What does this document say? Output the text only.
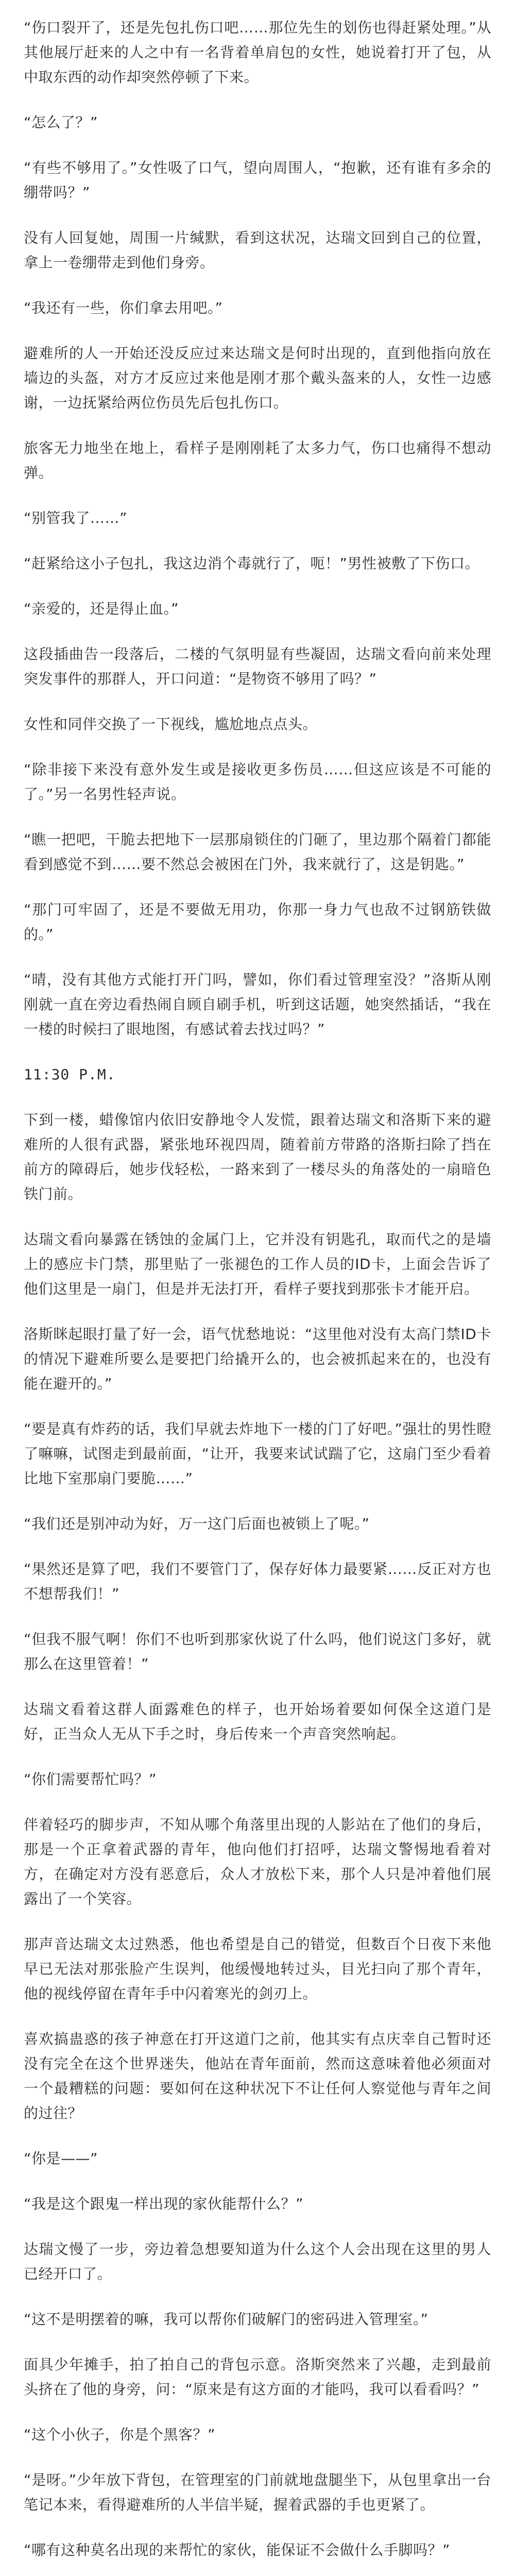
“伤口裂开了，还是先包扎伤口吧……那位先生的划伤也得赶紧处理。”从其他展厅赶来的人之中有一名背着单肩包的女性，她说着打开了包，从中取东西的动作却突然停顿了下来。

“怎么了？”

“有些不够用了。”女性吸了口气，望向周围人，“抱歉，还有谁有多余的绷带吗？”

没有人回复她，周围一片缄默，看到这状况，达瑞文回到自己的位置，拿上一卷绷带走到他们身旁。

“我还有一些，你们拿去用吧。”

避难所的人一开始还没反应过来达瑞文是何时出现的，直到他指向放在墙边的头盔，对方才反应过来他是刚才那个戴头盔来的人，女性一边感谢，一边抚紧给两位伤员先后包扎伤口。

旅客无力地坐在地上，看样子是刚刚耗了太多力气，伤口也痛得不想动弹。

“别管我了……”

“赶紧给这小子包扎，我这边消个毒就行了，呃！”男性被敷了下伤口。

“亲爱的，还是得止血。”

这段插曲告一段落后，二楼的气氛明显有些凝固，达瑞文看向前来处理突发事件的那群人，开口问道：“是物资不够用了吗？”

女性和同伴交换了一下视线，尴尬地点点头。

“除非接下来没有意外发生或是接收更多伤员……但这应该是不可能的了。”另一名男性轻声说。

“瞧一把吧，干脆去把地下一层那扇锁住的门砸了，里边那个隔着门都能看到感觉不到……要不然总会被困在门外，我来就行了，这是钥匙。”

“那门可牢固了，还是不要做无用功，你那一身力气也敌不过钢筋铁做的。”

“晴，没有其他方式能打开门吗，譬如，你们看过管理室没？”洛斯从刚刚就一直在旁边看热闹自顾自刷手机，听到这话题，她突然插话，“我在一楼的时候扫了眼地图，有感试着去找过吗？”

11:30 P.M.

下到一楼，蜡像馆内依旧安静地令人发慌，跟着达瑞文和洛斯下来的避难所的人很有武器，紧张地环视四周，随着前方带路的洛斯扫除了挡在前方的障碍后，她步伐轻松，一路来到了一楼尽头的角落处的一扇暗色铁门前。

达瑞文看向暴露在锈蚀的金属门上，它并没有钥匙孔，取而代之的是墙上的感应卡门禁，那里贴了一张褪色的工作人员的ID卡，上面会告诉了他们这里是一扇门，但是并无法打开，看样子要找到那张卡才能开启。

洛斯眯起眼打量了好一会，语气忧愁地说：“这里他对没有太高门禁ID卡的情况下避难所要么是要把门给撬开么的，也会被抓起来在的，也没有能在避开的。”

“要是真有炸药的话，我们早就去炸地下一楼的门了好吧。”强壮的男性瞪了嘛嘛，试图走到最前面，“让开，我要来试试踹了它，这扇门至少看着比地下室那扇门要脆……”

“我们还是别冲动为好，万一这门后面也被锁上了呢。”

“果然还是算了吧，我们不要管门了，保存好体力最要紧……反正对方也不想帮我们！”

“但我不服气啊！你们不也听到那家伙说了什么吗，他们说这门多好，就那么在这里管着！”

达瑞文看着这群人面露难色的样子，也开始场着要如何保全这道门是好，正当众人无从下手之时，身后传来一个声音突然响起。

“你们需要帮忙吗？”

伴着轻巧的脚步声，不知从哪个角落里出现的人影站在了他们的身后，那是一个正拿着武器的青年，他向他们打招呼，达瑞文警惕地看着对方，在确定对方没有恶意后，众人才放松下来，那个人只是冲着他们展露出了一个笑容。

那声音达瑞文太过熟悉，他也希望是自己的错觉，但数百个日夜下来他早已无法对那张脸产生误判，他缓慢地转过头，目光扫向了那个青年，他的视线停留在青年手中闪着寒光的剑刃上。

喜欢搞蛊惑的孩子神意在打开这道门之前，他其实有点庆幸自己暂时还没有完全在这个世界迷失，他站在青年面前，然而这意味着他必须面对一个最糟糕的问题：要如何在这种状况下不让任何人察觉他与青年之间的过往？

“你是——”

“我是这个跟鬼一样出现的家伙能帮什么？”

达瑞文慢了一步，旁边着急想要知道为什么这个人会出现在这里的男人已经开口了。

“这不是明摆着的嘛，我可以帮你们破解门的密码进入管理室。”

面具少年摊手，拍了拍自己的背包示意。洛斯突然来了兴趣，走到最前头挤在了他的身旁，问：“原来是有这方面的才能吗，我可以看看吗？”

“这个小伙子，你是个黑客？”

“是呀。”少年放下背包，在管理室的门前就地盘腿坐下，从包里拿出一台笔记本来，看得避难所的人半信半疑，握着武器的手也更紧了。

“哪有这种莫名出现的来帮忙的家伙，能保证不会做什么手脚吗？”
